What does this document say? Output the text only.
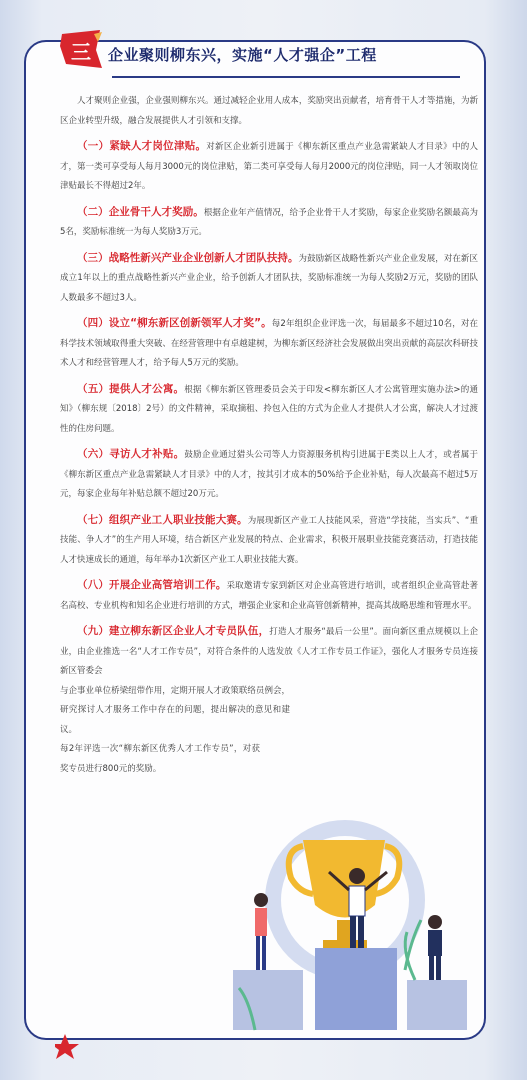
三	企业聚则柳东兴，实施“人才强企”工程

人才聚则企业强，企业强则柳东兴。通过减轻企业用人成本，奖励突出贡献者，培育骨干人才等措施，为新区企业转型升级，融合发展提供人才引领和支撑。

（一）紧缺人才岗位津贴。对新区企业新引进属于《柳东新区重点产业急需紧缺人才目录》中的人才，第一类可享受每人每月3000元的岗位津贴，第二类可享受每人每月2000元的岗位津贴，同一人才领取岗位津贴最长不得超过2年。

（二）企业骨干人才奖励。根据企业年产值情况，给予企业骨干人才奖励，每家企业奖励名额最高为5名，奖励标准统一为每人奖励3万元。

（三）战略性新兴产业企业创新人才团队扶持。为鼓励新区战略性新兴产业企业发展，对在新区成立1年以上的重点战略性新兴产业企业，给予创新人才团队扶，奖励标准统一为每人奖励2万元，奖励的团队人数最多不超过3人。

（四）设立“柳东新区创新领军人才奖”。每2年组织企业评选一次，每届最多不超过10名，对在科学技术领域取得重大突破、在经营管理中有卓越建树，为柳东新区经济社会发展做出突出贡献的高层次科研技术人才和经营管理人才，给予每人5万元的奖励。

（五）提供人才公寓。根据《柳东新区管理委员会关于印发<柳东新区人才公寓管理实施办法>的通知》（柳东规〔2018〕2号）的文件精神，采取摘租、拎包入住的方式为企业人才提供人才公寓，解决人才过渡性的住房问题。

（六）寻访人才补贴。鼓励企业通过猎头公司等人力资源服务机构引进属于E类以上人才，或者属于《柳东新区重点产业急需紧缺人才目录》中的人才，按其引才成本的50%给予企业补贴，每人次最高不超过5万元，每家企业每年补贴总额不超过20万元。

（七）组织产业工人职业技能大赛。为展现新区产业工人技能风采，营造“学技能，当实兵”、“重技能、争人才”的生产用人环境，结合新区产业发展的特点、企业需求，积极开展职业技能竞赛活动，打造技能人才快速成长的通道，每年举办1次新区产业工人职业技能大赛。

（八）开展企业高管培训工作。采取邀请专家到新区对企业高管进行培训，或者组织企业高管赴著名高校、专业机构和知名企业进行培训的方式，增强企业家和企业高管创新精神，提高其战略思维和管理水平。

（九）建立柳东新区企业人才专员队伍，打造人才服务“最后一公里”。面向新区重点规模以上企业，由企业推选一名“人才工作专员”，对符合条件的人选发放《人才工作专员工作证》，强化人才服务专员连接新区管委会

与企事业单位桥梁纽带作用，定期开展人才政策联络员例会，研究探讨人才服务工作中存在的问题，提出解决的意见和建议。

每2年评选一次“柳东新区优秀人才工作专员”，对获奖专员进行800元的奖励。
